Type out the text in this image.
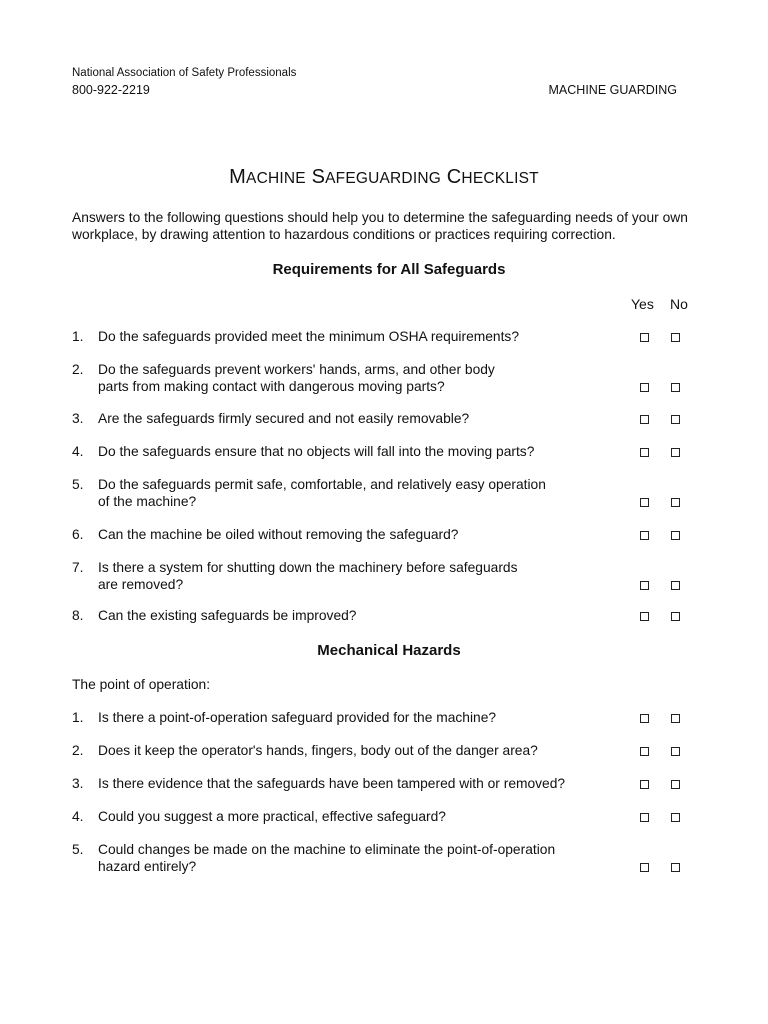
National Association of Safety Professionals
800-922-2219	MACHINE GUARDING
MACHINE SAFEGUARDING CHECKLIST
Answers to the following questions should help you to determine the safeguarding needs of your own workplace, by drawing attention to hazardous conditions or practices requiring correction.
Requirements for All Safeguards
Yes No
Mechanical Hazards
The point of operation:
1. Do the safeguards provided meet the minimum OSHA requirements?
2. Do the safeguards prevent workers' hands, arms, and other body
parts from making contact with dangerous moving parts?
3. Are the safeguards firmly secured and not easily removable?
4. Do the safeguards ensure that no objects will fall into the moving parts?
5. Do the safeguards permit safe, comfortable, and relatively easy operation
of the machine?
6. Can the machine be oiled without removing the safeguard?
7. Is there a system for shutting down the machinery before safeguards
are removed?
8. Can the existing safeguards be improved?
1. Is there a point-of-operation safeguard provided for the machine?
2. Does it keep the operator's hands, fingers, body out of the danger area?
3. Is there evidence that the safeguards have been tampered with or removed?
4. Could you suggest a more practical, effective safeguard?
5. Could changes be made on the machine to eliminate the point-of-operation
hazard entirely?
